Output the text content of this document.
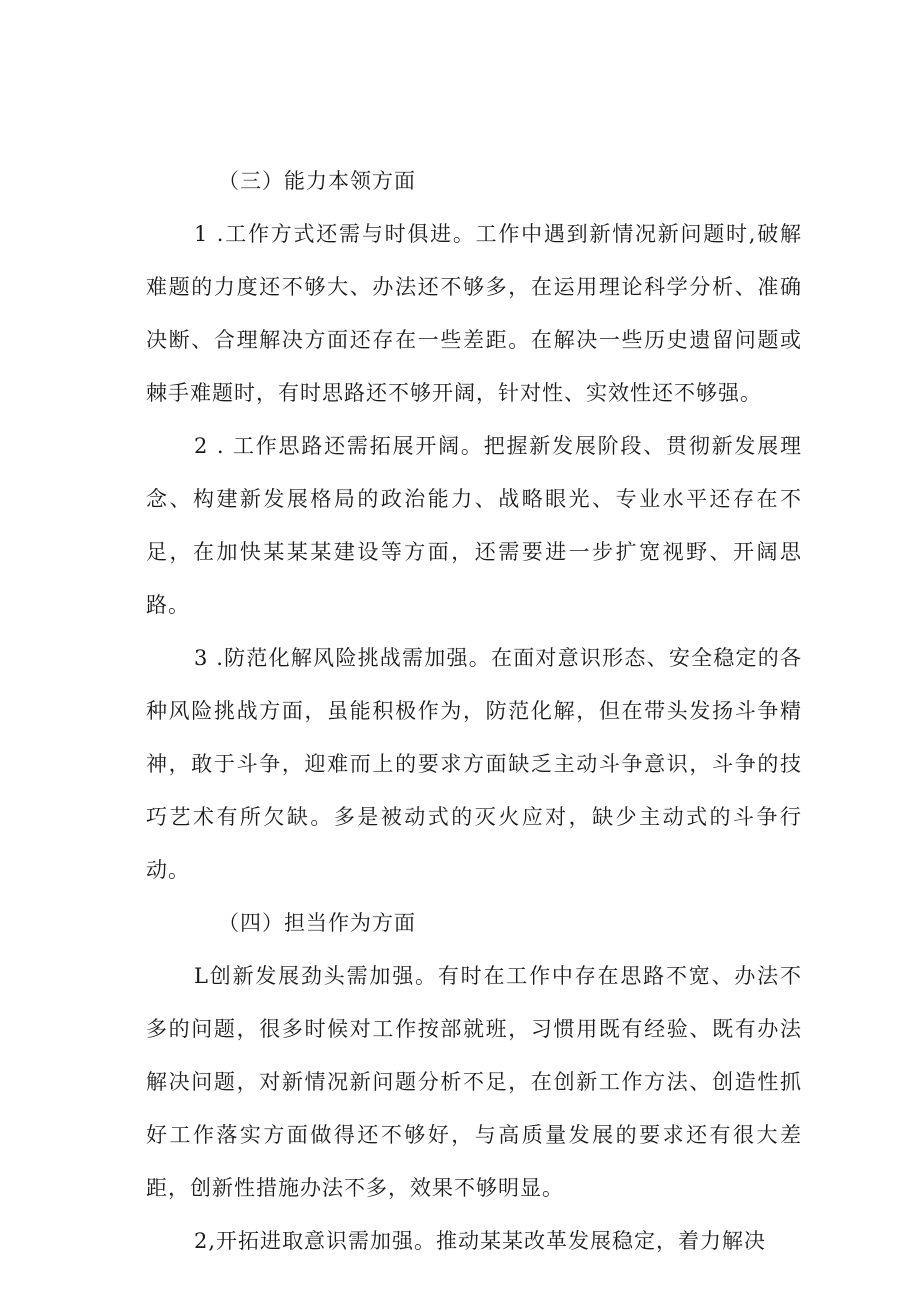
（三）能力本领方面

1 .工作方式还需与时俱进。工作中遇到新情况新问题时,破解难题的力度还不够大、办法还不够多，在运用理论科学分析、准确决断、合理解决方面还存在一些差距。在解决一些历史遗留问题或棘手难题时，有时思路还不够开阔，针对性、实效性还不够强。

2 . 工作思路还需拓展开阔。把握新发展阶段、贯彻新发展理念、构建新发展格局的政治能力、战略眼光、专业水平还存在不足，在加快某某某建设等方面，还需要进一步扩宽视野、开阔思路。

3 .防范化解风险挑战需加强。在面对意识形态、安全稳定的各种风险挑战方面，虽能积极作为，防范化解，但在带头发扬斗争精神，敢于斗争，迎难而上的要求方面缺乏主动斗争意识，斗争的技巧艺术有所欠缺。多是被动式的灭火应对，缺少主动式的斗争行动。

（四）担当作为方面

L创新发展劲头需加强。有时在工作中存在思路不宽、办法不多的问题，很多时候对工作按部就班，习惯用既有经验、既有办法解决问题，对新情况新问题分析不足，在创新工作方法、创造性抓好工作落实方面做得还不够好，与高质量发展的要求还有很大差距，创新性措施办法不多，效果不够明显。

2,开拓进取意识需加强。推动某某改革发展稳定，着力解决
